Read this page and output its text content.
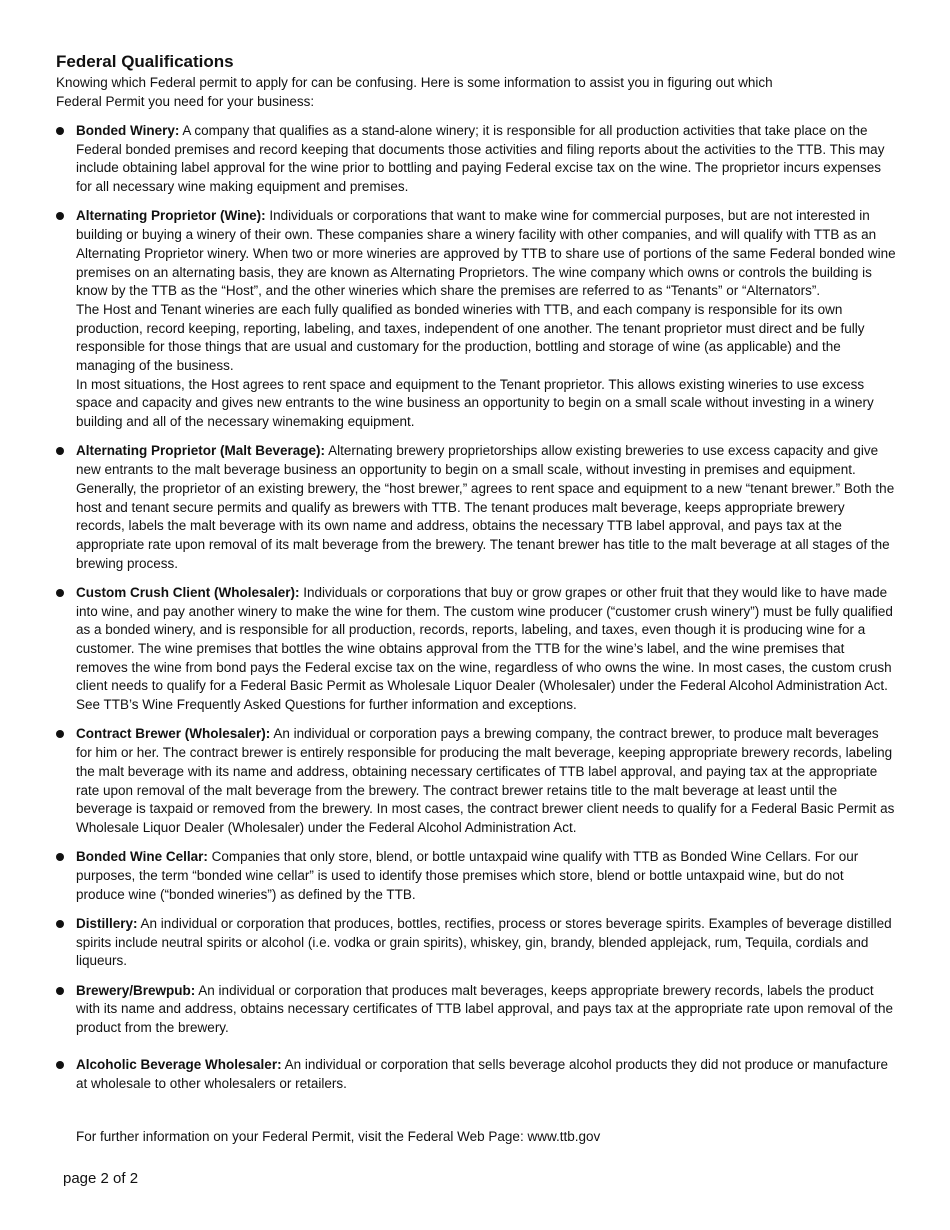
Federal Qualifications
Knowing which Federal permit to apply for can be confusing. Here is some information to assist you in figuring out which Federal Permit you need for your business:

Bonded Winery: A company that qualifies as a stand-alone winery; it is responsible for all production activities that take place on the Federal bonded premises and record keeping that documents those activities and filing reports about the activities to the TTB. This may include obtaining label approval for the wine prior to bottling and paying Federal excise tax on the wine. The proprietor incurs expenses for all necessary wine making equipment and premises.

Alternating Proprietor (Wine): Individuals or corporations that want to make wine for commercial purposes, but are not interested in building or buying a winery of their own. These companies share a winery facility with other companies, and will qualify with TTB as an Alternating Proprietor winery. When two or more wineries are approved by TTB to share use of portions of the same Federal bonded wine premises on an alternating basis, they are known as Alternating Proprietors. The wine company which owns or controls the building is know by the TTB as the “Host”, and the other wineries which share the premises are referred to as “Tenants” or “Alternators”.

The Host and Tenant wineries are each fully qualified as bonded wineries with TTB, and each company is responsible for its own production, record keeping, reporting, labeling, and taxes, independent of one another. The tenant proprietor must direct and be fully responsible for those things that are usual and customary for the production, bottling and storage of wine (as applicable) and the managing of the business.

In most situations, the Host agrees to rent space and equipment to the Tenant proprietor. This allows existing wineries to use excess space and capacity and gives new entrants to the wine business an opportunity to begin on a small scale without investing in a winery building and all of the necessary winemaking equipment.

Alternating Proprietor (Malt Beverage): Alternating brewery proprietorships allow existing breweries to use excess capacity and give new entrants to the malt beverage business an opportunity to begin on a small scale, without investing in premises and equipment. Generally, the proprietor of an existing brewery, the “host brewer,” agrees to rent space and equipment to a new “tenant brewer.” Both the host and tenant secure permits and qualify as brewers with TTB. The tenant produces malt beverage, keeps appropriate brewery records, labels the malt beverage with its own name and address, obtains the necessary TTB label approval, and pays tax at the appropriate rate upon removal of its malt beverage from the brewery. The tenant brewer has title to the malt beverage at all stages of the brewing process.

Custom Crush Client (Wholesaler): Individuals or corporations that buy or grow grapes or other fruit that they would like to have made into wine, and pay another winery to make the wine for them. The custom wine producer (“customer crush winery”) must be fully qualified as a bonded winery, and is responsible for all production, records, reports, labeling, and taxes, even though it is producing wine for a customer. The wine premises that bottles the wine obtains approval from the TTB for the wine’s label, and the wine premises that removes the wine from bond pays the Federal excise tax on the wine, regardless of who owns the wine. In most cases, the custom crush client needs to qualify for a Federal Basic Permit as Wholesale Liquor Dealer (Wholesaler) under the Federal Alcohol Administration Act. See TTB’s Wine Frequently Asked Questions for further information and exceptions.

Contract Brewer (Wholesaler): An individual or corporation pays a brewing company, the contract brewer, to produce malt beverages for him or her. The contract brewer is entirely responsible for producing the malt beverage, keeping appropriate brewery records, labeling the malt beverage with its name and address, obtaining necessary certificates of TTB label approval, and paying tax at the appropriate rate upon removal of the malt beverage from the brewery. The contract brewer retains title to the malt beverage at least until the beverage is taxpaid or removed from the brewery. In most cases, the contract brewer client needs to qualify for a Federal Basic Permit as Wholesale Liquor Dealer (Wholesaler) under the Federal Alcohol Administration Act.

Bonded Wine Cellar: Companies that only store, blend, or bottle untaxpaid wine qualify with TTB as Bonded Wine Cellars. For our purposes, the term “bonded wine cellar” is used to identify those premises which store, blend or bottle untaxpaid wine, but do not produce wine (“bonded wineries”) as defined by the TTB.

Distillery: An individual or corporation that produces, bottles, rectifies, process or stores beverage spirits. Examples of beverage distilled spirits include neutral spirits or alcohol (i.e. vodka or grain spirits), whiskey, gin, brandy, blended applejack, rum, Tequila, cordials and liqueurs.

Brewery/Brewpub: An individual or corporation that produces malt beverages, keeps appropriate brewery records, labels the product with its name and address, obtains necessary certificates of TTB label approval, and pays tax at the appropriate rate upon removal of the product from the brewery.

Alcoholic Beverage Wholesaler: An individual or corporation that sells beverage alcohol products they did not produce or manufacture at wholesale to other wholesalers or retailers.

For further information on your Federal Permit, visit the Federal Web Page: www.ttb.gov
page 2 of 2
